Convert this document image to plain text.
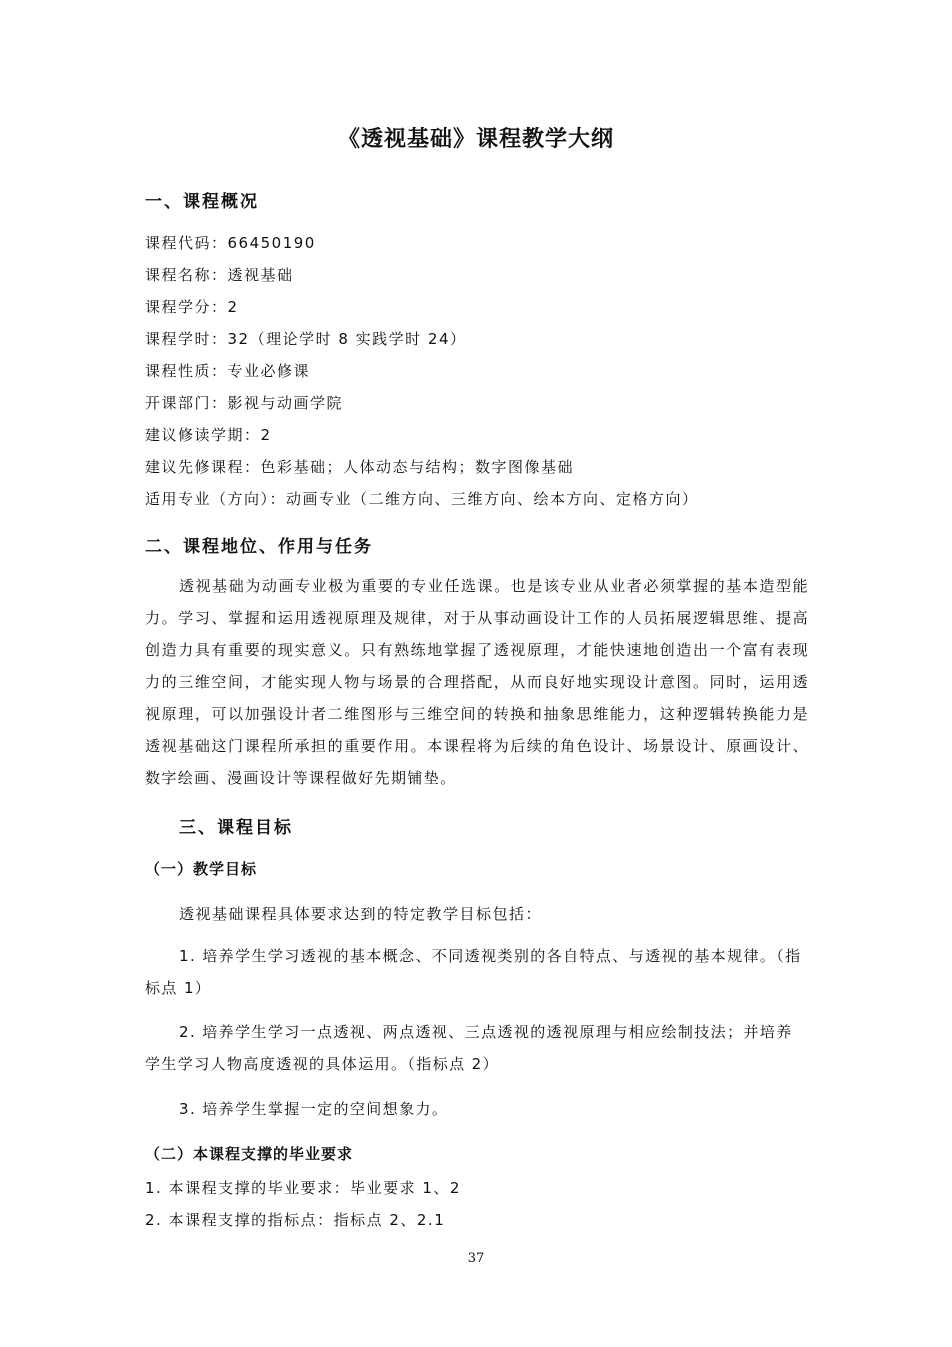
《透视基础》课程教学大纲
一、课程概况
课程代码：66450190
课程名称：透视基础
课程学分：2
课程学时：32（理论学时 8 实践学时 24）
课程性质：专业必修课
开课部门：影视与动画学院
建议修读学期：2
建议先修课程：色彩基础；人体动态与结构；数字图像基础
适用专业（方向）：动画专业（二维方向、三维方向、绘本方向、定格方向）
二、课程地位、作用与任务
透视基础为动画专业极为重要的专业任选课。也是该专业从业者必须掌握的基本造型能力。学习、掌握和运用透视原理及规律，对于从事动画设计工作的人员拓展逻辑思维、提高创造力具有重要的现实意义。只有熟练地掌握了透视原理，才能快速地创造出一个富有表现力的三维空间，才能实现人物与场景的合理搭配，从而良好地实现设计意图。同时，运用透视原理，可以加强设计者二维图形与三维空间的转换和抽象思维能力，这种逻辑转换能力是透视基础这门课程所承担的重要作用。本课程将为后续的角色设计、场景设计、原画设计、数字绘画、漫画设计等课程做好先期铺垫。
三、课程目标
（一）教学目标
透视基础课程具体要求达到的特定教学目标包括：
1. 培养学生学习透视的基本概念、不同透视类别的各自特点、与透视的基本规律。（指标点 1）
2. 培养学生学习一点透视、两点透视、三点透视的透视原理与相应绘制技法；并培养学生学习人物高度透视的具体运用。（指标点 2）
3. 培养学生掌握一定的空间想象力。
（二）本课程支撑的毕业要求
1. 本课程支撑的毕业要求：毕业要求 1、2
2. 本课程支撑的指标点：指标点 2、2.1
37
